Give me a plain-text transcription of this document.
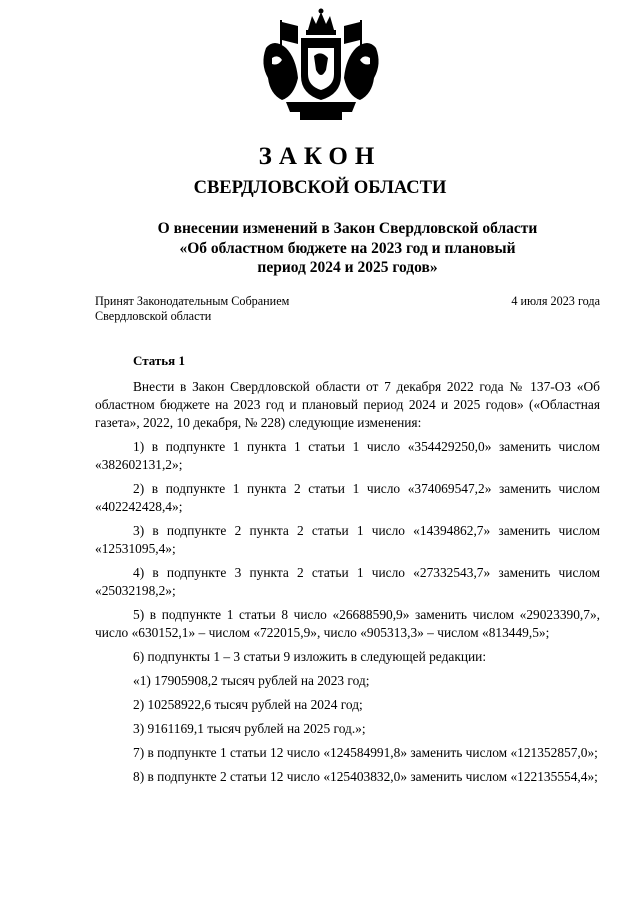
ЗАКОН
СВЕРДЛОВСКОЙ ОБЛАСТИ
О внесении изменений в Закон Свердловской области
«Об областном бюджете на 2023 год и плановый
период 2024 и 2025 годов»
Принят Законодательным Собранием
Свердловской области
4 июля 2023 года
Статья 1

Внести в Закон Свердловской области от 7 декабря 2022 года № 137-ОЗ «Об областном бюджете на 2023 год и плановый период 2024 и 2025 годов» («Областная газета», 2022, 10 декабря, № 228) следующие изменения:

1) в подпункте 1 пункта 1 статьи 1 число «354429250,0» заменить числом «382602131,2»;

2) в подпункте 1 пункта 2 статьи 1 число «374069547,2» заменить числом «402242428,4»;

3) в подпункте 2 пункта 2 статьи 1 число «14394862,7» заменить числом «12531095,4»;

4) в подпункте 3 пункта 2 статьи 1 число «27332543,7» заменить числом «25032198,2»;

5) в подпункте 1 статьи 8 число «26688590,9» заменить числом «29023390,7», число «630152,1» – числом «722015,9», число «905313,3» – числом «813449,5»;

6) подпункты 1 – 3 статьи 9 изложить в следующей редакции:

«1) 17905908,2 тысяч рублей на 2023 год;

2) 10258922,6 тысяч рублей на 2024 год;

3) 9161169,1 тысяч рублей на 2025 год.»;

7) в подпункте 1 статьи 12 число «124584991,8» заменить числом «121352857,0»;

8) в подпункте 2 статьи 12 число «125403832,0» заменить числом «122135554,4»;
